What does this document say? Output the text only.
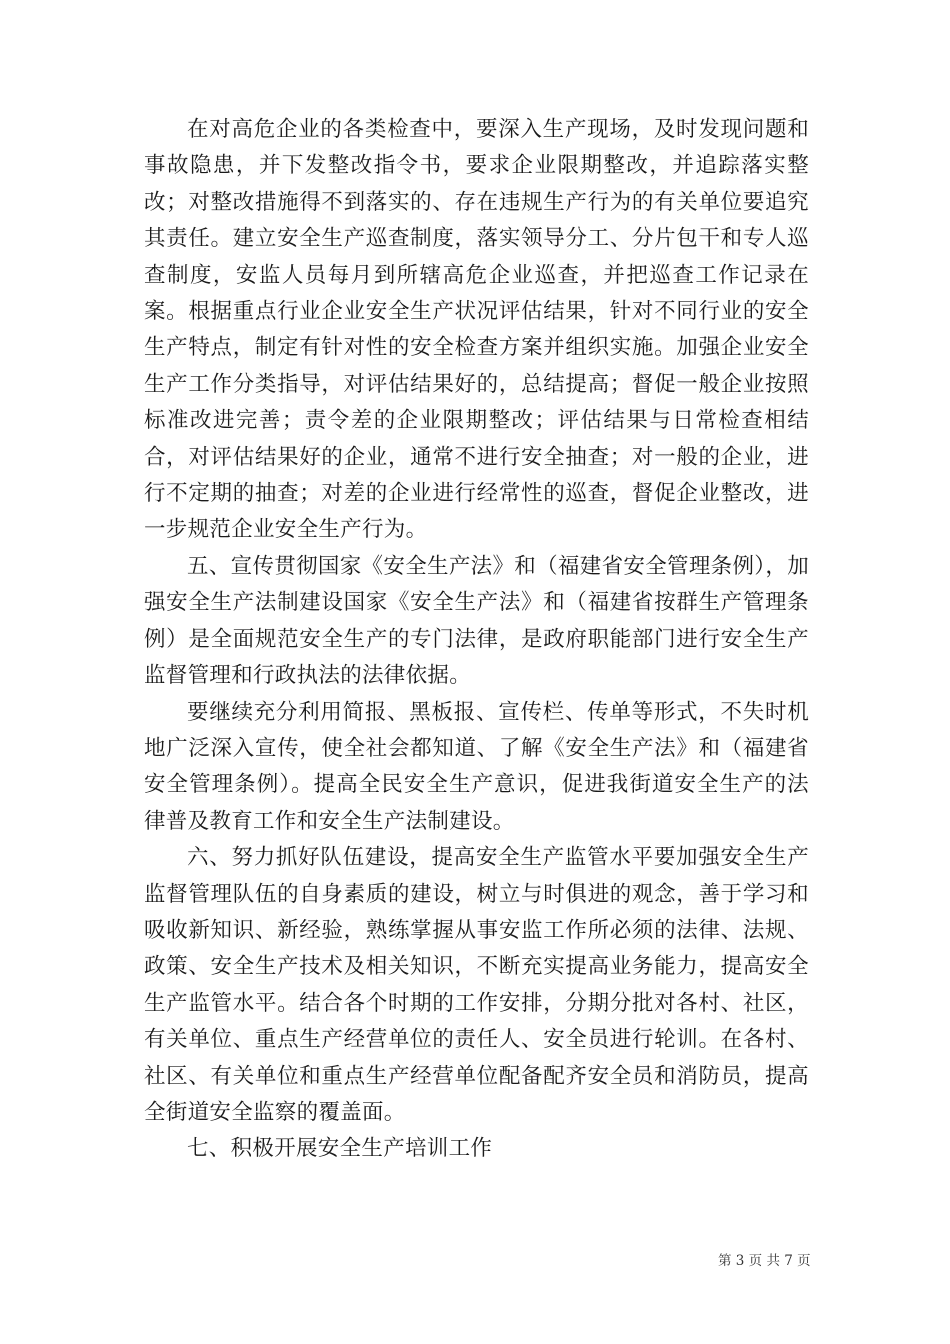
在对高危企业的各类检查中，要深入生产现场，及时发现问题和事故隐患，并下发整改指令书，要求企业限期整改，并追踪落实整改；对整改措施得不到落实的、存在违规生产行为的有关单位要追究其责任。建立安全生产巡查制度，落实领导分工、分片包干和专人巡查制度，安监人员每月到所辖高危企业巡查，并把巡查工作记录在案。根据重点行业企业安全生产状况评估结果，针对不同行业的安全生产特点，制定有针对性的安全检查方案并组织实施。加强企业安全生产工作分类指导，对评估结果好的，总结提高；督促一般企业按照标准改进完善；责令差的企业限期整改；评估结果与日常检查相结合，对评估结果好的企业，通常不进行安全抽查；对一般的企业，进行不定期的抽查；对差的企业进行经常性的巡查，督促企业整改，进一步规范企业安全生产行为。

五、宣传贯彻国家《安全生产法》和（福建省安全管理条例），加强安全生产法制建设国家《安全生产法》和（福建省按群生产管理条例）是全面规范安全生产的专门法律，是政府职能部门进行安全生产监督管理和行政执法的法律依据。

要继续充分利用简报、黑板报、宣传栏、传单等形式，不失时机地广泛深入宣传，使全社会都知道、了解《安全生产法》和（福建省安全管理条例）。提高全民安全生产意识，促进我街道安全生产的法律普及教育工作和安全生产法制建设。

六、努力抓好队伍建设，提高安全生产监管水平要加强安全生产监督管理队伍的自身素质的建设，树立与时俱进的观念，善于学习和吸收新知识、新经验，熟练掌握从事安监工作所必须的法律、法规、政策、安全生产技术及相关知识，不断充实提高业务能力，提高安全生产监管水平。结合各个时期的工作安排，分期分批对各村、社区，有关单位、重点生产经营单位的责任人、安全员进行轮训。在各村、社区、有关单位和重点生产经营单位配备配齐安全员和消防员，提高全街道安全监察的覆盖面。

七、积极开展安全生产培训工作

第 3 页 共 7 页
